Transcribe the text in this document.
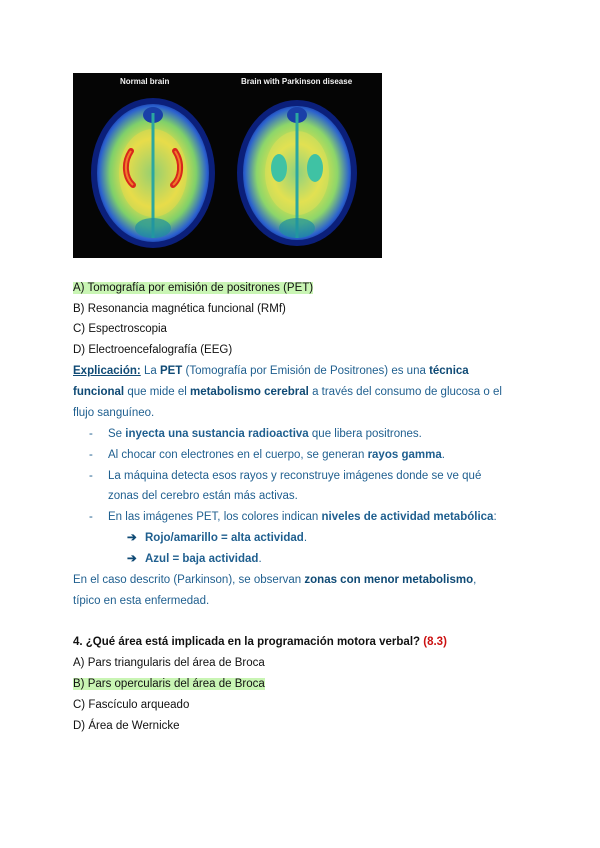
Normal brain	Brain with Parkinson disease
A) Tomografía por emisión de positrones (PET)
B) Resonancia magnética funcional (RMf)
C) Espectroscopia
D) Electroencefalografía (EEG)
Explicación: La PET (Tomografía por Emisión de Positrones) es una técnica
funcional que mide el metabolismo cerebral a través del consumo de glucosa o el
flujo sanguíneo.
- Se inyecta una sustancia radioactiva que libera positrones.
- Al chocar con electrones en el cuerpo, se generan rayos gamma.
- La máquina detecta esos rayos y reconstruye imágenes donde se ve qué
zonas del cerebro están más activas.
- En las imágenes PET, los colores indican niveles de actividad metabólica:
➔ Rojo/amarillo = alta actividad.
➔ Azul = baja actividad.
En el caso descrito (Parkinson), se observan zonas con menor metabolismo,
típico en esta enfermedad.
4. ¿Qué área está implicada en la programación motora verbal? (8.3)
A) Pars triangularis del área de Broca
B) Pars opercularis del área de Broca
C) Fascículo arqueado
D) Área de Wernicke
